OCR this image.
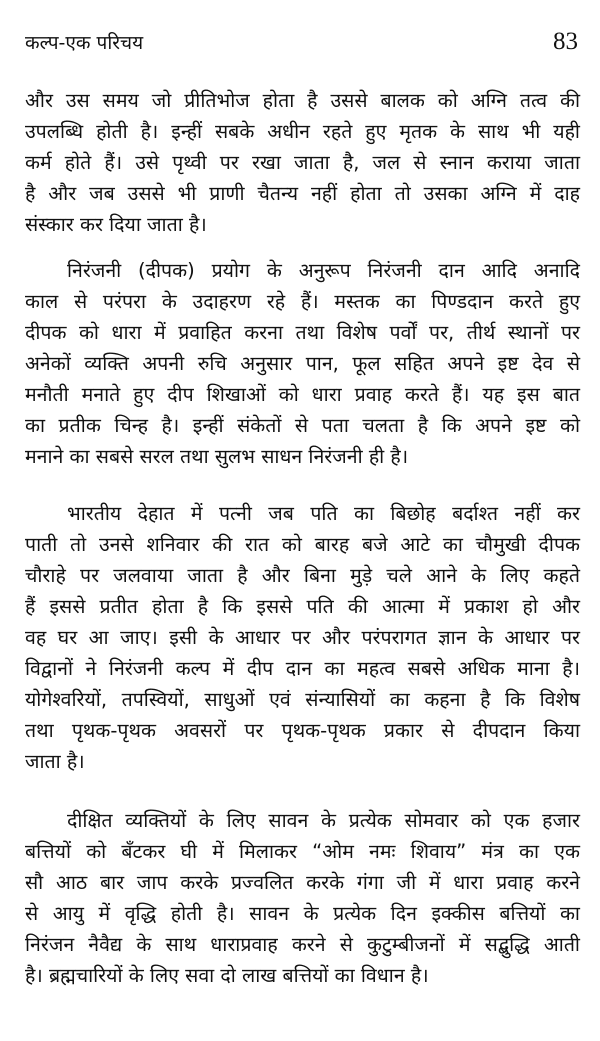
कल्प-एक परिचय	83
और उस समय जो प्रीतिभोज होता है उससे बालक को अग्नि तत्व की
उपलब्धि होती है। इन्हीं सबके अधीन रहते हुए मृतक के साथ भी यही
कर्म होते हैं। उसे पृथ्वी पर रखा जाता है, जल से स्नान कराया जाता
है और जब उससे भी प्राणी चैतन्य नहीं होता तो उसका अग्नि में दाह
संस्कार कर दिया जाता है।
निरंजनी (दीपक) प्रयोग के अनुरूप निरंजनी दान आदि अनादि
काल से परंपरा के उदाहरण रहे हैं। मस्तक का पिण्डदान करते हुए
दीपक को धारा में प्रवाहित करना तथा विशेष पर्वों पर, तीर्थ स्थानों पर
अनेकों व्यक्ति अपनी रुचि अनुसार पान, फूल सहित अपने इष्ट देव से
मनौती मनाते हुए दीप शिखाओं को धारा प्रवाह करते हैं। यह इस बात
का प्रतीक चिन्ह है। इन्हीं संकेतों से पता चलता है कि अपने इष्ट को
मनाने का सबसे सरल तथा सुलभ साधन निरंजनी ही है।
भारतीय देहात में पत्नी जब पति का बिछोह बर्दाश्त नहीं कर
पाती तो उनसे शनिवार की रात को बारह बजे आटे का चौमुखी दीपक
चौराहे पर जलवाया जाता है और बिना मुड़े चले आने के लिए कहते
हैं इससे प्रतीत होता है कि इससे पति की आत्मा में प्रकाश हो और
वह घर आ जाए। इसी के आधार पर और परंपरागत ज्ञान के आधार पर
विद्वानों ने निरंजनी कल्प में दीप दान का महत्व सबसे अधिक माना है।
योगेश्वरियों, तपस्वियों, साधुओं एवं संन्यासियों का कहना है कि विशेष
तथा पृथक-पृथक अवसरों पर पृथक-पृथक प्रकार से दीपदान किया
जाता है।
दीक्षित व्यक्तियों के लिए सावन के प्रत्येक सोमवार को एक हजार
बत्तियों को बँटकर घी में मिलाकर “ओम नमः शिवाय” मंत्र का एक
सौ आठ बार जाप करके प्रज्वलित करके गंगा जी में धारा प्रवाह करने
से आयु में वृद्धि होती है। सावन के प्रत्येक दिन इक्कीस बत्तियों का
निरंजन नैवैद्य के साथ धाराप्रवाह करने से कुटुम्बीजनों में सद्बुद्धि आती
है। ब्रह्मचारियों के लिए सवा दो लाख बत्तियों का विधान है।
